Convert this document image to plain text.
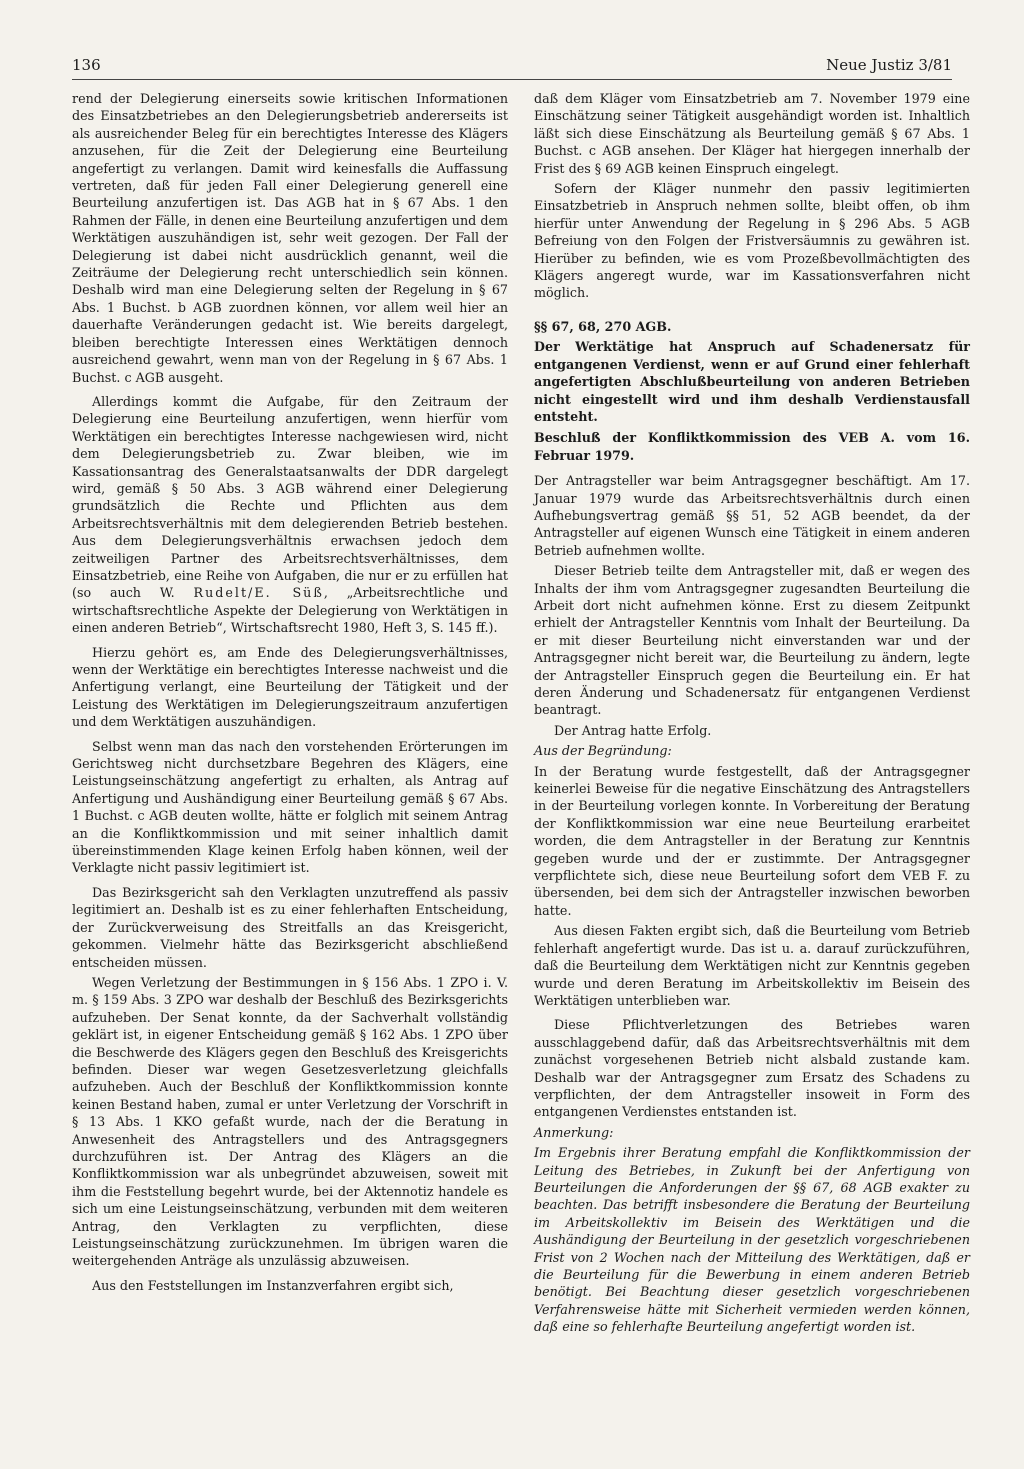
136	Neue Justiz 3/81

rend der Delegierung einerseits sowie kritischen Informationen des Einsatzbetriebes an den Delegierungsbetrieb andererseits ist als ausreichender Beleg für ein berechtigtes Interesse des Klägers anzusehen, für die Zeit der Delegierung eine Beurteilung angefertigt zu verlangen. Damit wird keinesfalls die Auffassung vertreten, daß für jeden Fall einer Delegierung generell eine Beurteilung anzufertigen ist. Das AGB hat in § 67 Abs. 1 den Rahmen der Fälle, in denen eine Beurteilung anzufertigen und dem Werktätigen auszuhändigen ist, sehr weit gezogen. Der Fall der Delegierung ist dabei nicht ausdrücklich genannt, weil die Zeiträume der Delegierung recht unterschiedlich sein können. Deshalb wird man eine Delegierung selten der Regelung in § 67 Abs. 1 Buchst. b AGB zuordnen können, vor allem weil hier an dauerhafte Veränderungen gedacht ist. Wie bereits dargelegt, bleiben berechtigte Interessen eines Werktätigen dennoch ausreichend gewahrt, wenn man von der Regelung in § 67 Abs. 1 Buchst. c AGB ausgeht.

Allerdings kommt die Aufgabe, für den Zeitraum der Delegierung eine Beurteilung anzufertigen, wenn hierfür vom Werktätigen ein berechtigtes Interesse nachgewiesen wird, nicht dem Delegierungsbetrieb zu. Zwar bleiben, wie im Kassationsantrag des Generalstaatsanwalts der DDR dargelegt wird, gemäß § 50 Abs. 3 AGB während einer Delegierung grundsätzlich die Rechte und Pflichten aus dem Arbeitsrechtsverhältnis mit dem delegierenden Betrieb bestehen. Aus dem Delegierungsverhältnis erwachsen jedoch dem zeitweiligen Partner des Arbeitsrechtsverhältnisses, dem Einsatzbetrieb, eine Reihe von Aufgaben, die nur er zu erfüllen hat (so auch W. Rudelt/E. Süß, „Arbeitsrechtliche und wirtschaftsrechtliche Aspekte der Delegierung von Werktätigen in einen anderen Betrieb“, Wirtschaftsrecht 1980, Heft 3, S. 145 ff.).

Hierzu gehört es, am Ende des Delegierungsverhältnisses, wenn der Werktätige ein berechtigtes Interesse nachweist und die Anfertigung verlangt, eine Beurteilung der Tätigkeit und der Leistung des Werktätigen im Delegierungszeitraum anzufertigen und dem Werktätigen auszuhändigen.

Selbst wenn man das nach den vorstehenden Erörterungen im Gerichtsweg nicht durchsetzbare Begehren des Klägers, eine Leistungseinschätzung angefertigt zu erhalten, als Antrag auf Anfertigung und Aushändigung einer Beurteilung gemäß § 67 Abs. 1 Buchst. c AGB deuten wollte, hätte er folglich mit seinem Antrag an die Konfliktkommission und mit seiner inhaltlich damit übereinstimmenden Klage keinen Erfolg haben können, weil der Verklagte nicht passiv legitimiert ist.

Das Bezirksgericht sah den Verklagten unzutreffend als passiv legitimiert an. Deshalb ist es zu einer fehlerhaften Entscheidung, der Zurückverweisung des Streitfalls an das Kreisgericht, gekommen. Vielmehr hätte das Bezirksgericht abschließend entscheiden müssen.

Wegen Verletzung der Bestimmungen in § 156 Abs. 1 ZPO i. V. m. § 159 Abs. 3 ZPO war deshalb der Beschluß des Bezirksgerichts aufzuheben. Der Senat konnte, da der Sachverhalt vollständig geklärt ist, in eigener Entscheidung gemäß § 162 Abs. 1 ZPO über die Beschwerde des Klägers gegen den Beschluß des Kreisgerichts befinden. Dieser war wegen Gesetzesverletzung gleichfalls aufzuheben. Auch der Beschluß der Konfliktkommission konnte keinen Bestand haben, zumal er unter Verletzung der Vorschrift in § 13 Abs. 1 KKO gefaßt wurde, nach der die Beratung in Anwesenheit des Antragstellers und des Antragsgegners durchzuführen ist. Der Antrag des Klägers an die Konfliktkommission war als unbegründet abzuweisen, soweit mit ihm die Feststellung begehrt wurde, bei der Aktennotiz handele es sich um eine Leistungseinschätzung, verbunden mit dem weiteren Antrag, den Verklagten zu verpflichten, diese Leistungseinschätzung zurückzunehmen. Im übrigen waren die weitergehenden Anträge als unzulässig abzuweisen.

Aus den Feststellungen im Instanzverfahren ergibt sich,

daß dem Kläger vom Einsatzbetrieb am 7. November 1979 eine Einschätzung seiner Tätigkeit ausgehändigt worden ist. Inhaltlich läßt sich diese Einschätzung als Beurteilung gemäß § 67 Abs. 1 Buchst. c AGB ansehen. Der Kläger hat hiergegen innerhalb der Frist des § 69 AGB keinen Einspruch eingelegt.

Sofern der Kläger nunmehr den passiv legitimierten Einsatzbetrieb in Anspruch nehmen sollte, bleibt offen, ob ihm hierfür unter Anwendung der Regelung in § 296 Abs. 5 AGB Befreiung von den Folgen der Fristversäumnis zu gewähren ist. Hierüber zu befinden, wie es vom Prozeßbevollmächtigten des Klägers angeregt wurde, war im Kassationsverfahren nicht möglich.

§§ 67, 68, 270 AGB.

Der Werktätige hat Anspruch auf Schadenersatz für entgangenen Verdienst, wenn er auf Grund einer fehlerhaft angefertigten Abschlußbeurteilung von anderen Betrieben nicht eingestellt wird und ihm deshalb Verdienstausfall entsteht.

Beschluß der Konfliktkommission des VEB A. vom 16. Februar 1979.

Der Antragsteller war beim Antragsgegner beschäftigt. Am 17. Januar 1979 wurde das Arbeitsrechtsverhältnis durch einen Aufhebungsvertrag gemäß §§ 51, 52 AGB beendet, da der Antragsteller auf eigenen Wunsch eine Tätigkeit in einem anderen Betrieb aufnehmen wollte.

Dieser Betrieb teilte dem Antragsteller mit, daß er wegen des Inhalts der ihm vom Antragsgegner zugesandten Beurteilung die Arbeit dort nicht aufnehmen könne. Erst zu diesem Zeitpunkt erhielt der Antragsteller Kenntnis vom Inhalt der Beurteilung. Da er mit dieser Beurteilung nicht einverstanden war und der Antragsgegner nicht bereit war, die Beurteilung zu ändern, legte der Antragsteller Einspruch gegen die Beurteilung ein. Er hat deren Änderung und Schadenersatz für entgangenen Verdienst beantragt.

Der Antrag hatte Erfolg.

Aus der Begründung:

In der Beratung wurde festgestellt, daß der Antragsgegner keinerlei Beweise für die negative Einschätzung des Antragstellers in der Beurteilung vorlegen konnte. In Vorbereitung der Beratung der Konfliktkommission war eine neue Beurteilung erarbeitet worden, die dem Antragsteller in der Beratung zur Kenntnis gegeben wurde und der er zustimmte. Der Antragsgegner verpflichtete sich, diese neue Beurteilung sofort dem VEB F. zu übersenden, bei dem sich der Antragsteller inzwischen beworben hatte.

Aus diesen Fakten ergibt sich, daß die Beurteilung vom Betrieb fehlerhaft angefertigt wurde. Das ist u. a. darauf zurückzuführen, daß die Beurteilung dem Werktätigen nicht zur Kenntnis gegeben wurde und deren Beratung im Arbeitskollektiv im Beisein des Werktätigen unterblieben war.

Diese Pflichtverletzungen des Betriebes waren ausschlaggebend dafür, daß das Arbeitsrechtsverhältnis mit dem zunächst vorgesehenen Betrieb nicht alsbald zustande kam. Deshalb war der Antragsgegner zum Ersatz des Schadens zu verpflichten, der dem Antragsteller insoweit in Form des entgangenen Verdienstes entstanden ist.

Anmerkung:

Im Ergebnis ihrer Beratung empfahl die Konfliktkommission der Leitung des Betriebes, in Zukunft bei der Anfertigung von Beurteilungen die Anforderungen der §§ 67, 68 AGB exakter zu beachten. Das betrifft insbesondere die Beratung der Beurteilung im Arbeitskollektiv im Beisein des Werktätigen und die Aushändigung der Beurteilung in der gesetzlich vorgeschriebenen Frist von 2 Wochen nach der Mitteilung des Werktätigen, daß er die Beurteilung für die Bewerbung in einem anderen Betrieb benötigt. Bei Beachtung dieser gesetzlich vorgeschriebenen Verfahrensweise hätte mit Sicherheit vermieden werden können, daß eine so fehlerhafte Beurteilung angefertigt worden ist.
